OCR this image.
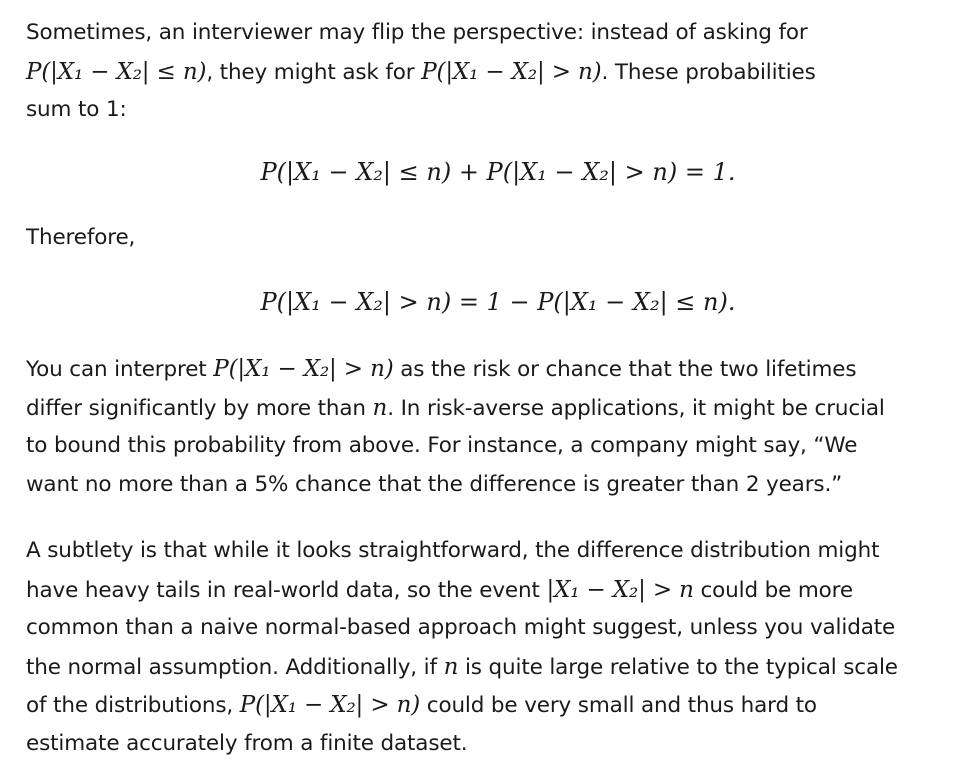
Sometimes, an interviewer may flip the perspective: instead of asking for
P(|X₁ − X₂| ≤ n), they might ask for P(|X₁ − X₂| > n). These probabilities
sum to 1:

P(|X₁ − X₂| ≤ n) + P(|X₁ − X₂| > n) = 1.

Therefore,

P(|X₁ − X₂| > n) = 1 − P(|X₁ − X₂| ≤ n).

You can interpret P(|X₁ − X₂| > n) as the risk or chance that the two lifetimes
differ significantly by more than n. In risk-averse applications, it might be crucial
to bound this probability from above. For instance, a company might say, “We
want no more than a 5% chance that the difference is greater than 2 years.”

A subtlety is that while it looks straightforward, the difference distribution might
have heavy tails in real-world data, so the event |X₁ − X₂| > n could be more
common than a naive normal-based approach might suggest, unless you validate
the normal assumption. Additionally, if n is quite large relative to the typical scale
of the distributions, P(|X₁ − X₂| > n) could be very small and thus hard to
estimate accurately from a finite dataset.
